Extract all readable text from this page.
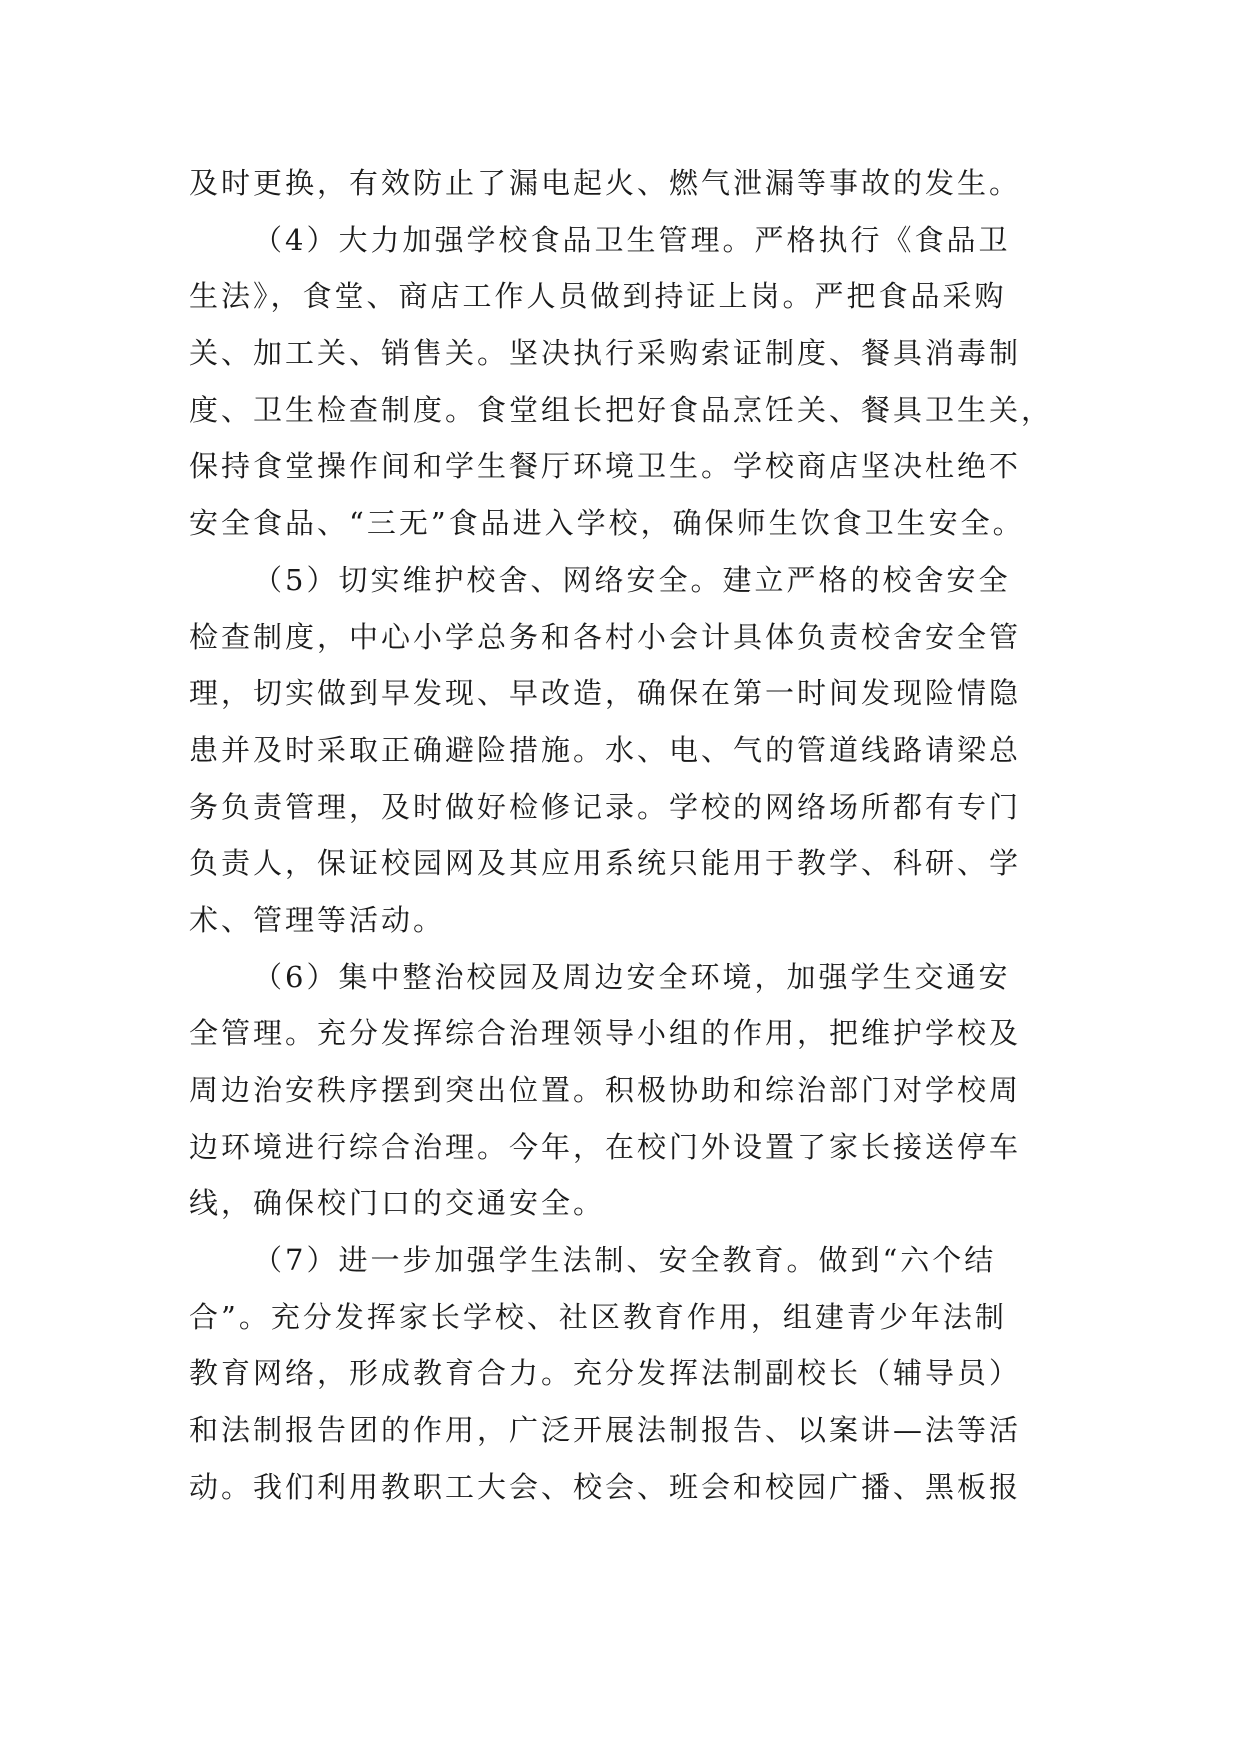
及时更换，有效防止了漏电起火、燃气泄漏等事故的发生。
（4）大力加强学校食品卫生管理。严格执行《食品卫
生法》，食堂、商店工作人员做到持证上岗。严把食品采购
关、加工关、销售关。坚决执行采购索证制度、餐具消毒制
度、卫生检查制度。食堂组长把好食品烹饪关、餐具卫生关，
保持食堂操作间和学生餐厅环境卫生。学校商店坚决杜绝不
安全食品、“三无”食品进入学校，确保师生饮食卫生安全。
（5）切实维护校舍、网络安全。建立严格的校舍安全
检查制度，中心小学总务和各村小会计具体负责校舍安全管
理，切实做到早发现、早改造，确保在第一时间发现险情隐
患并及时采取正确避险措施。水、电、气的管道线路请梁总
务负责管理，及时做好检修记录。学校的网络场所都有专门
负责人，保证校园网及其应用系统只能用于教学、科研、学
术、管理等活动。
（6）集中整治校园及周边安全环境，加强学生交通安
全管理。充分发挥综合治理领导小组的作用，把维护学校及
周边治安秩序摆到突出位置。积极协助和综治部门对学校周
边环境进行综合治理。今年，在校门外设置了家长接送停车
线，确保校门口的交通安全。
（7）进一步加强学生法制、安全教育。做到“六个结
合”。充分发挥家长学校、社区教育作用，组建青少年法制
教育网络，形成教育合力。充分发挥法制副校长（辅导员）
和法制报告团的作用，广泛开展法制报告、以案讲—法等活
动。我们利用教职工大会、校会、班会和校园广播、黑板报
